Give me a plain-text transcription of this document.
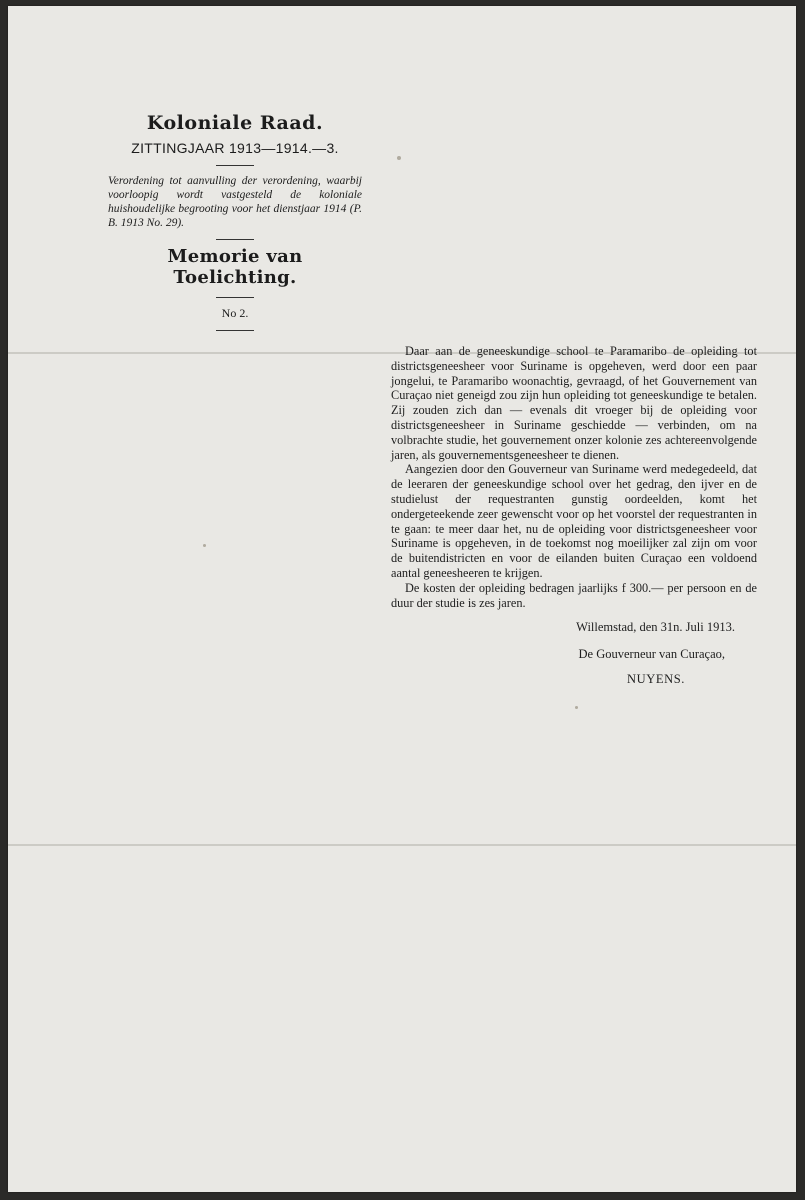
Koloniale Raad.
ZITTINGJAAR 1913—1914.—3.
Verordening tot aanvulling der verordening, waarbij voorloopig wordt vastgesteld de koloniale huishoudelijke begrooting voor het dienstjaar 1914 (P. B. 1913 No. 29).
Memorie van Toelichting.
No 2.

Daar aan de geneeskundige school te Paramaribo de opleiding tot districtsgeneesheer voor Suriname is opgeheven, werd door een paar jongelui, te Paramaribo woonachtig, gevraagd, of het Gouvernement van Curaçao niet geneigd zou zijn hun opleiding tot geneeskundige te betalen. Zij zouden zich dan — evenals dit vroeger bij de opleiding voor districtsgeneesheer in Suriname geschiedde — verbinden, om na volbrachte studie, het gouvernement onzer kolonie zes achtereenvolgende jaren, als gouvernementsgeneesheer te dienen.

Aangezien door den Gouverneur van Suriname werd medegedeeld, dat de leeraren der geneeskundige school over het gedrag, den ijver en de studielust der requestranten gunstig oordeelden, komt het ondergeteekende zeer gewenscht voor op het voorstel der requestranten in te gaan: te meer daar het, nu de opleiding voor districtsgeneesheer voor Suriname is opgeheven, in de toekomst nog moeilijker zal zijn om voor de buitendistricten en voor de eilanden buiten Curaçao een voldoend aantal geneesheeren te krijgen.

De kosten der opleiding bedragen jaarlijks f 300.— per persoon en de duur der studie is zes jaren.

Willemstad, den 31n. Juli 1913.
De Gouverneur van Curaçao,
NUYENS.
